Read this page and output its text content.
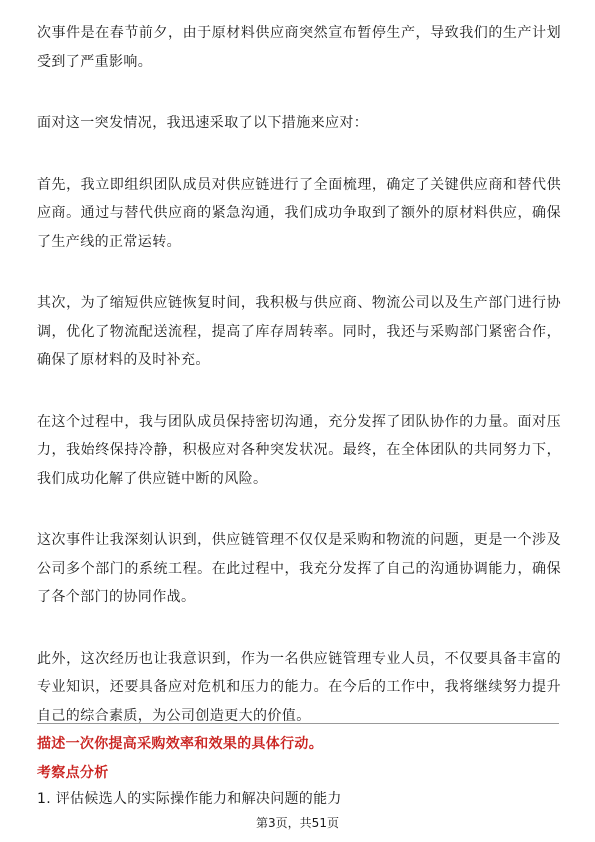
次事件是在春节前夕，由于原材料供应商突然宣布暂停生产，导致我们的生产计划受到了严重影响。

面对这一突发情况，我迅速采取了以下措施来应对：

首先，我立即组织团队成员对供应链进行了全面梳理，确定了关键供应商和替代供应商。通过与替代供应商的紧急沟通，我们成功争取到了额外的原材料供应，确保了生产线的正常运转。

其次，为了缩短供应链恢复时间，我积极与供应商、物流公司以及生产部门进行协调，优化了物流配送流程，提高了库存周转率。同时，我还与采购部门紧密合作，确保了原材料的及时补充。

在这个过程中，我与团队成员保持密切沟通，充分发挥了团队协作的力量。面对压力，我始终保持冷静，积极应对各种突发状况。最终，在全体团队的共同努力下，我们成功化解了供应链中断的风险。

这次事件让我深刻认识到，供应链管理不仅仅是采购和物流的问题，更是一个涉及公司多个部门的系统工程。在此过程中，我充分发挥了自己的沟通协调能力，确保了各个部门的协同作战。

此外，这次经历也让我意识到，作为一名供应链管理专业人员，不仅要具备丰富的专业知识，还要具备应对危机和压力的能力。在今后的工作中，我将继续努力提升自己的综合素质，为公司创造更大的价值。

描述一次你提高采购效率和效果的具体行动。
考察点分析
1. 评估候选人的实际操作能力和解决问题的能力
第3页，共51页
